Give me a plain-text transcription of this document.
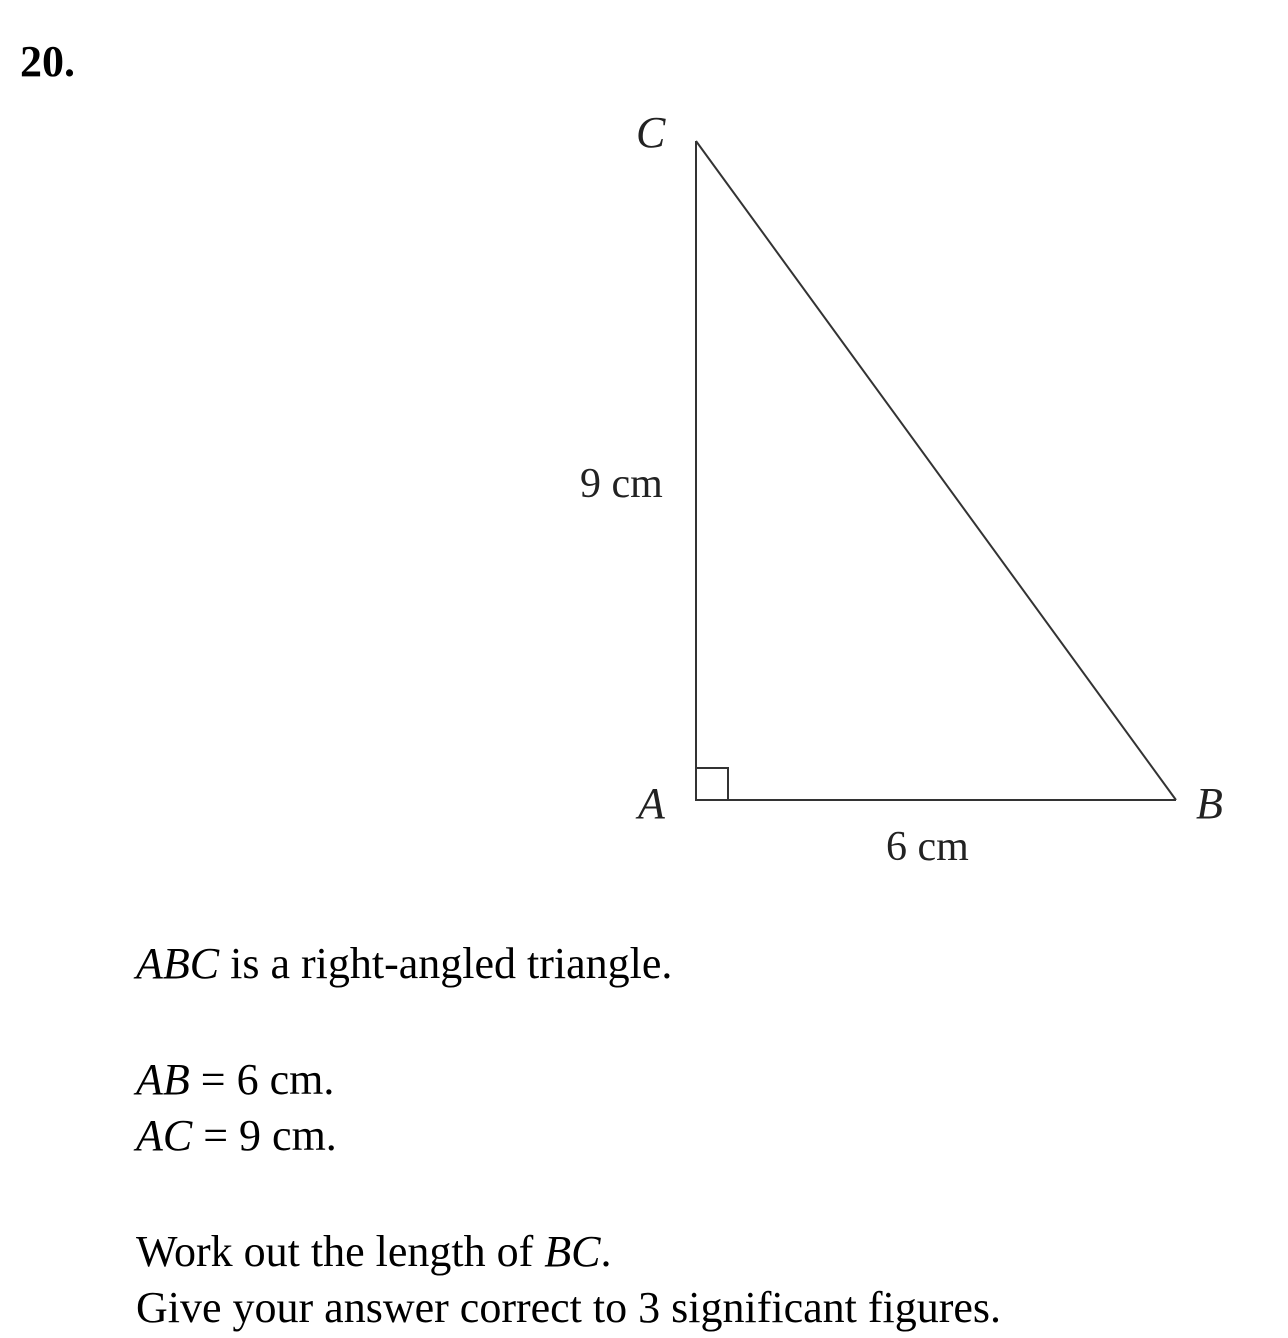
20.
C
A	B
9 cm
6 cm
ABC is a right-angled triangle.
AB = 6 cm.
AC = 9 cm.
Work out the length of BC.
Give your answer correct to 3 significant figures.
